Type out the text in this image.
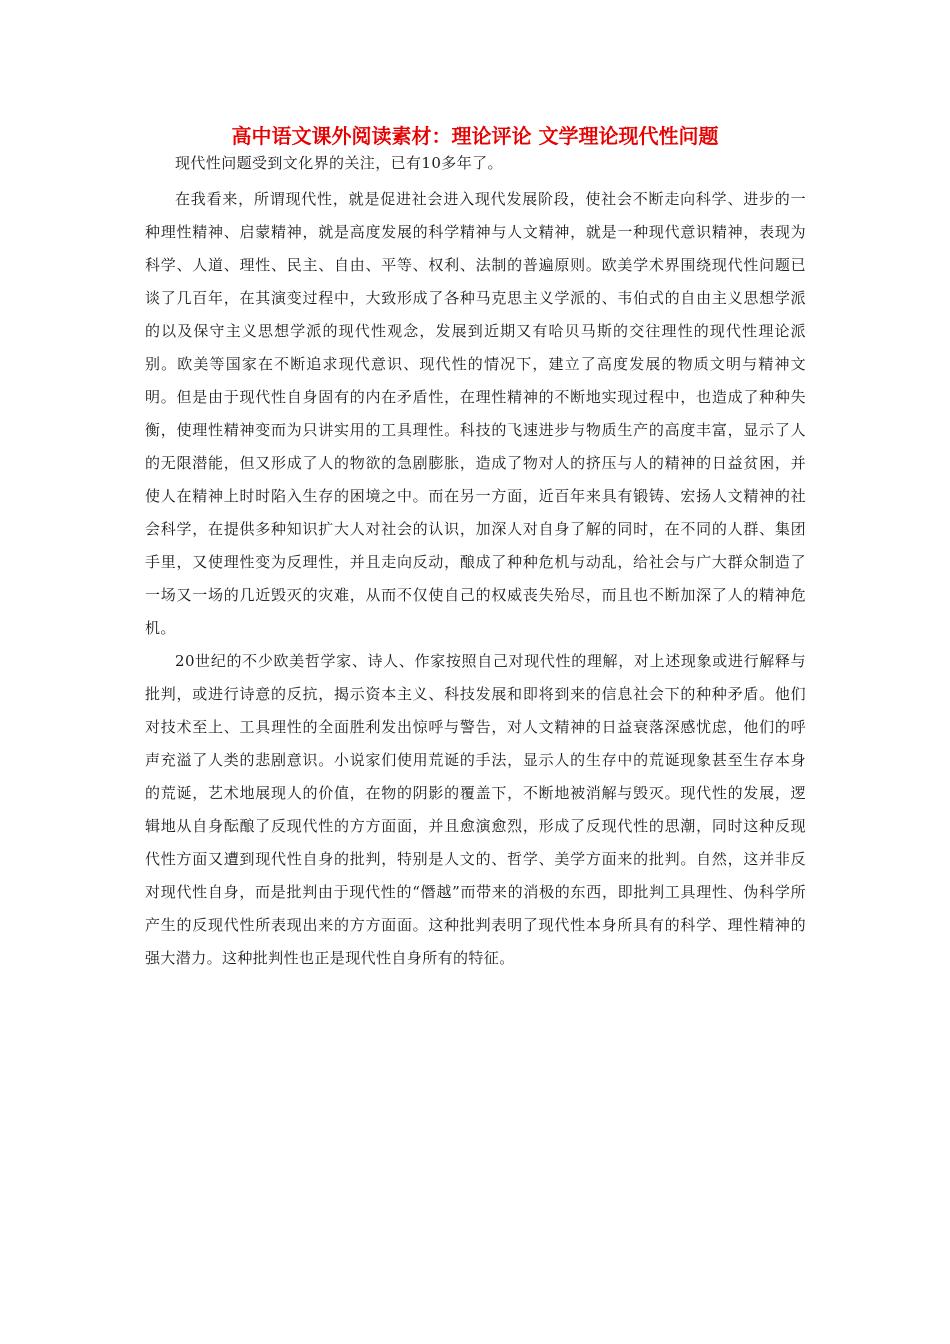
高中语文课外阅读素材：理论评论 文学理论现代性问题

现代性问题受到文化界的关注，已有10多年了。

在我看来，所谓现代性，就是促进社会进入现代发展阶段，使社会不断走向科学、进步的一种理性精神、启蒙精神，就是高度发展的科学精神与人文精神，就是一种现代意识精神，表现为科学、人道、理性、民主、自由、平等、权利、法制的普遍原则。欧美学术界围绕现代性问题已谈了几百年，在其演变过程中，大致形成了各种马克思主义学派的、韦伯式的自由主义思想学派的以及保守主义思想学派的现代性观念，发展到近期又有哈贝马斯的交往理性的现代性理论派别。欧美等国家在不断追求现代意识、现代性的情况下，建立了高度发展的物质文明与精神文明。但是由于现代性自身固有的内在矛盾性，在理性精神的不断地实现过程中，也造成了种种失衡，使理性精神变而为只讲实用的工具理性。科技的飞速进步与物质生产的高度丰富，显示了人的无限潜能，但又形成了人的物欲的急剧膨胀，造成了物对人的挤压与人的精神的日益贫困，并使人在精神上时时陷入生存的困境之中。而在另一方面，近百年来具有锻铸、宏扬人文精神的社会科学，在提供多种知识扩大人对社会的认识，加深人对自身了解的同时，在不同的人群、集团手里，又使理性变为反理性，并且走向反动，酿成了种种危机与动乱，给社会与广大群众制造了一场又一场的几近毁灭的灾难，从而不仅使自己的权威丧失殆尽，而且也不断加深了人的精神危机。

20世纪的不少欧美哲学家、诗人、作家按照自己对现代性的理解，对上述现象或进行解释与批判，或进行诗意的反抗，揭示资本主义、科技发展和即将到来的信息社会下的种种矛盾。他们对技术至上、工具理性的全面胜利发出惊呼与警告，对人文精神的日益衰落深感忧虑，他们的呼声充溢了人类的悲剧意识。小说家们使用荒诞的手法，显示人的生存中的荒诞现象甚至生存本身的荒诞，艺术地展现人的价值，在物的阴影的覆盖下，不断地被消解与毁灭。现代性的发展，逻辑地从自身酝酿了反现代性的方方面面，并且愈演愈烈，形成了反现代性的思潮，同时这种反现代性方面又遭到现代性自身的批判，特别是人文的、哲学、美学方面来的批判。自然，这并非反对现代性自身，而是批判由于现代性的“僭越”而带来的消极的东西，即批判工具理性、伪科学所产生的反现代性所表现出来的方方面面。这种批判表明了现代性本身所具有的科学、理性精神的强大潜力。这种批判性也正是现代性自身所有的特征。
